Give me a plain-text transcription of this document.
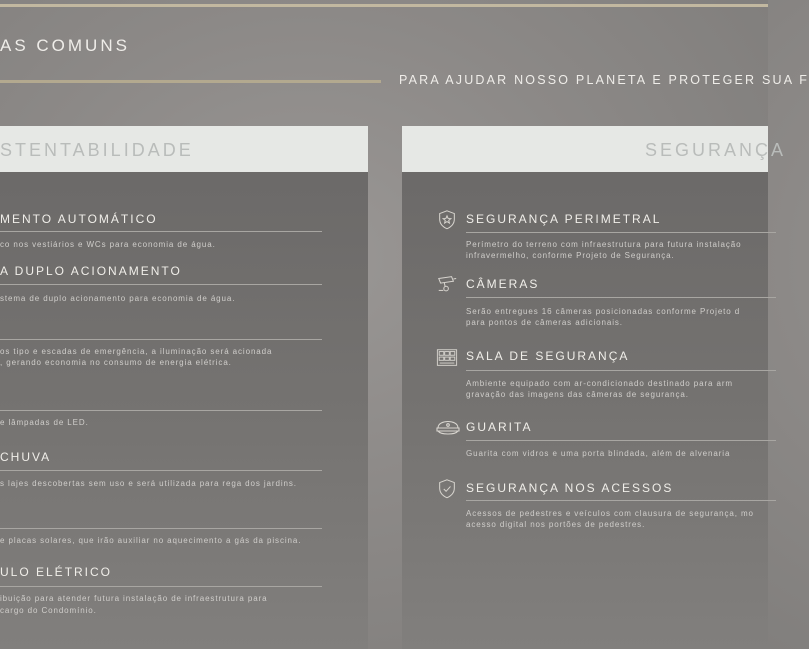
AS COMUNS
PARA AJUDAR NOSSO PLANETA E PROTEGER SUA F
STENTABILIDADE
MENTO AUTOMÁTICO
co nos vestiários e WCs para economia de água.
A DUPLO ACIONAMENTO
stema de duplo acionamento para economia de água.
os tipo e escadas de emergência, a iluminação será acionada
, gerando economia no consumo de energia elétrica.
e lâmpadas de LED.
CHUVA
s lajes descobertas sem uso e será utilizada para rega dos jardins.
e placas solares, que irão auxiliar no aquecimento a gás da piscina.
ULO ELÉTRICO
ibuição para atender futura instalação de infraestrutura para
cargo do Condomínio.
SEGURANÇA
SEGURANÇA PERIMETRAL
Perímetro do terreno com infraestrutura para futura instalação
infravermelho, conforme Projeto de Segurança.
CÂMERAS
Serão entregues 16 câmeras posicionadas conforme Projeto d
para pontos de câmeras adicionais.
SALA DE SEGURANÇA
Ambiente equipado com ar-condicionado destinado para arm
gravação das imagens das câmeras de segurança.
GUARITA
Guarita com vidros e uma porta blindada, além de alvenaria
SEGURANÇA NOS ACESSOS
Acessos de pedestres e veículos com clausura de segurança, mo
acesso digital nos portões de pedestres.
